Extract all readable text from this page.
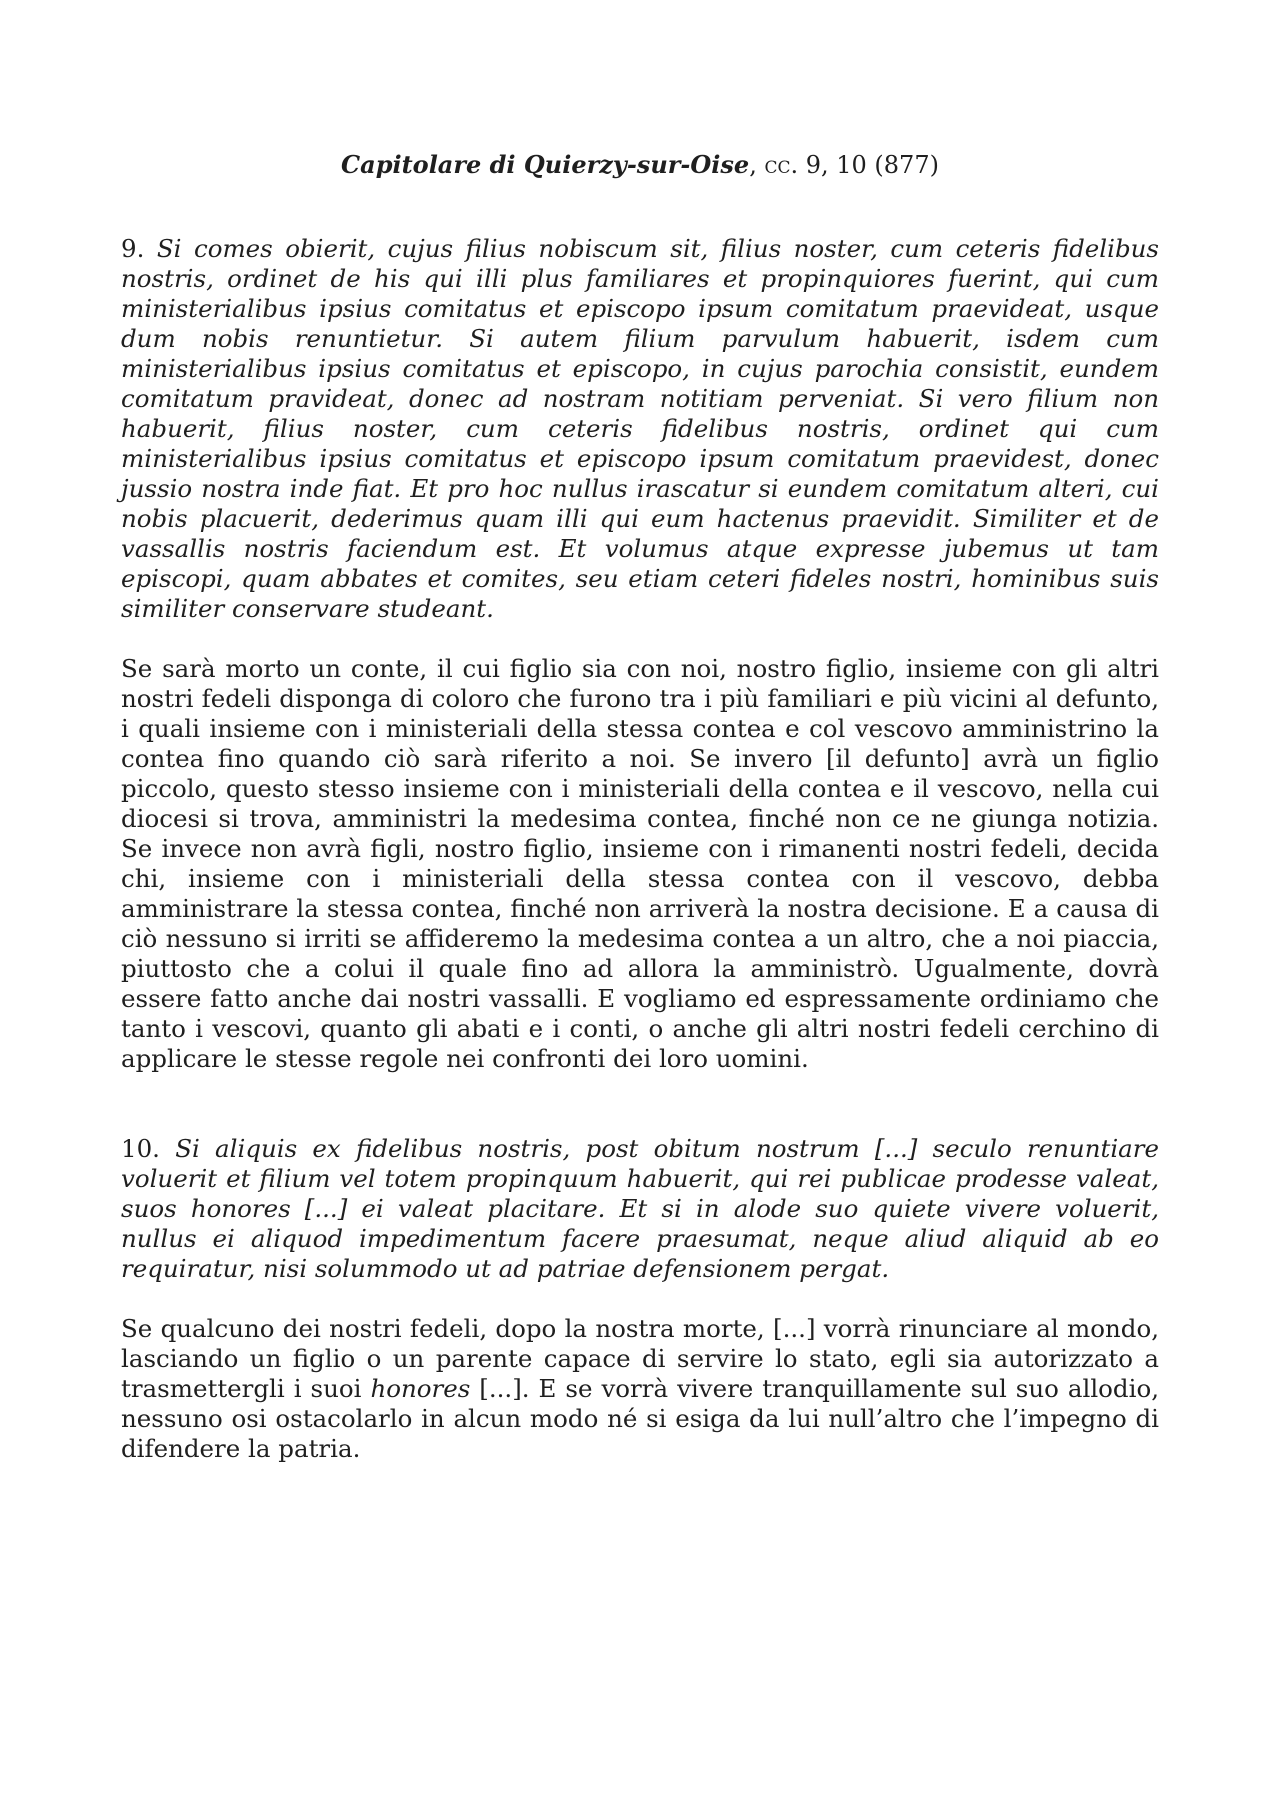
Capitolare di Quierzy-sur-Oise, cc. 9, 10 (877)

9. Si comes obierit, cujus filius nobiscum sit, filius noster, cum ceteris fidelibus nostris, ordinet de his qui illi plus familiares et propinquiores fuerint, qui cum ministerialibus ipsius comitatus et episcopo ipsum comitatum praevideat, usque dum nobis renuntietur. Si autem filium parvulum habuerit, isdem cum ministerialibus ipsius comitatus et episcopo, in cujus parochia consistit, eundem comitatum pravideat, donec ad nostram notitiam perveniat. Si vero filium non habuerit, filius noster, cum ceteris fidelibus nostris, ordinet qui cum ministerialibus ipsius comitatus et episcopo ipsum comitatum praevidest, donec jussio nostra inde fiat. Et pro hoc nullus irascatur si eundem comitatum alteri, cui nobis placuerit, dederimus quam illi qui eum hactenus praevidit. Similiter et de vassallis nostris faciendum est. Et volumus atque expresse jubemus ut tam episcopi, quam abbates et comites, seu etiam ceteri fideles nostri, hominibus suis similiter conservare studeant.

Se sarà morto un conte, il cui figlio sia con noi, nostro figlio, insieme con gli altri nostri fedeli disponga di coloro che furono tra i più familiari e più vicini al defunto, i quali insieme con i ministeriali della stessa contea e col vescovo amministrino la contea fino quando ciò sarà riferito a noi. Se invero [il defunto] avrà un figlio piccolo, questo stesso insieme con i ministeriali della contea e il vescovo, nella cui diocesi si trova, amministri la medesima contea, finché non ce ne giunga notizia. Se invece non avrà figli, nostro figlio, insieme con i rimanenti nostri fedeli, decida chi, insieme con i ministeriali della stessa contea con il vescovo, debba amministrare la stessa contea, finché non arriverà la nostra decisione. E a causa di ciò nessuno si irriti se affideremo la medesima contea a un altro, che a noi piaccia, piuttosto che a colui il quale fino ad allora la amministrò. Ugualmente, dovrà essere fatto anche dai nostri vassalli. E vogliamo ed espressamente ordiniamo che tanto i vescovi, quanto gli abati e i conti, o anche gli altri nostri fedeli cerchino di applicare le stesse regole nei confronti dei loro uomini.

10. Si aliquis ex fidelibus nostris, post obitum nostrum [...] seculo renuntiare voluerit et filium vel totem propinquum habuerit, qui rei publicae prodesse valeat, suos honores [...] ei valeat placitare. Et si in alode suo quiete vivere voluerit, nullus ei aliquod impedimentum facere praesumat, neque aliud aliquid ab eo requiratur, nisi solummodo ut ad patriae defensionem pergat.

Se qualcuno dei nostri fedeli, dopo la nostra morte, [...] vorrà rinunciare al mondo, lasciando un figlio o un parente capace di servire lo stato, egli sia autorizzato a trasmettergli i suoi honores [...]. E se vorrà vivere tranquillamente sul suo allodio, nessuno osi ostacolarlo in alcun modo né si esiga da lui null’altro che l’impegno di difendere la patria.
